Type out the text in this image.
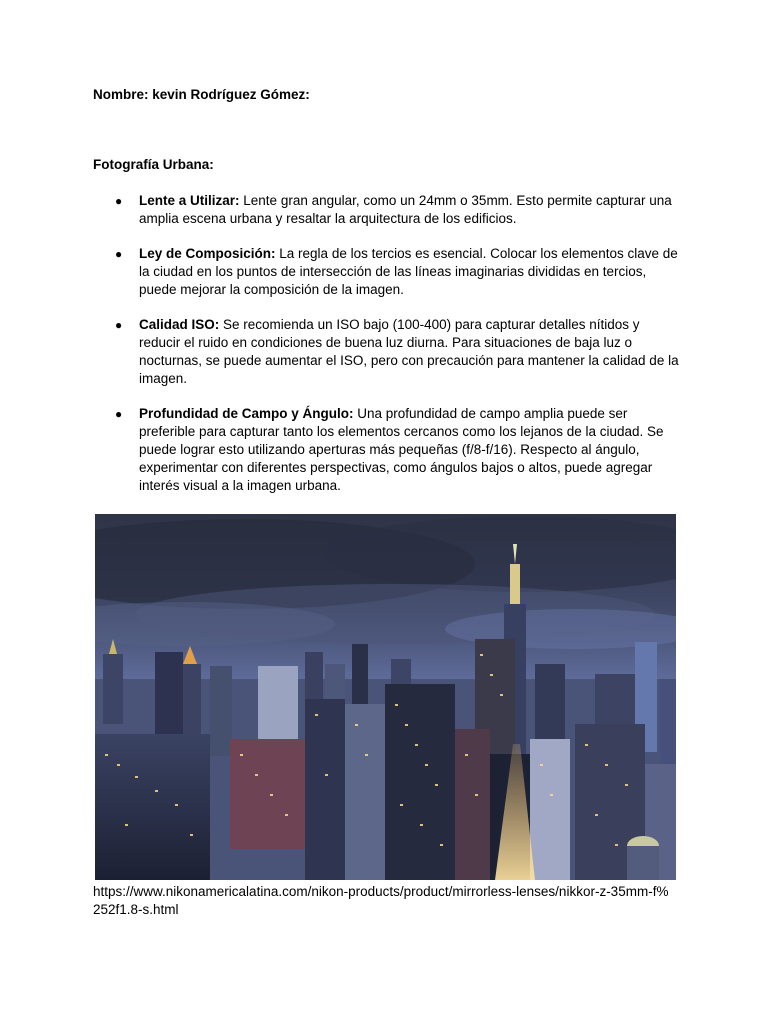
Nombre: kevin Rodríguez Gómez:
Fotografía Urbana:
● Lente a Utilizar: Lente gran angular, como un 24mm o 35mm. Esto permite capturar una amplia escena urbana y resaltar la arquitectura de los edificios.
● Ley de Composición: La regla de los tercios es esencial. Colocar los elementos clave de la ciudad en los puntos de intersección de las líneas imaginarias divididas en tercios, puede mejorar la composición de la imagen.
● Calidad ISO: Se recomienda un ISO bajo (100-400) para capturar detalles nítidos y reducir el ruido en condiciones de buena luz diurna. Para situaciones de baja luz o nocturnas, se puede aumentar el ISO, pero con precaución para mantener la calidad de la imagen.
● Profundidad de Campo y Ángulo: Una profundidad de campo amplia puede ser preferible para capturar tanto los elementos cercanos como los lejanos de la ciudad. Se puede lograr esto utilizando aperturas más pequeñas (f/8-f/16). Respecto al ángulo, experimentar con diferentes perspectivas, como ángulos bajos o altos, puede agregar interés visual a la imagen urbana.
https://www.nikonamericalatina.com/nikon-products/product/mirrorless-lenses/nikkor-z-35mm-f%252f1.8-s.html
